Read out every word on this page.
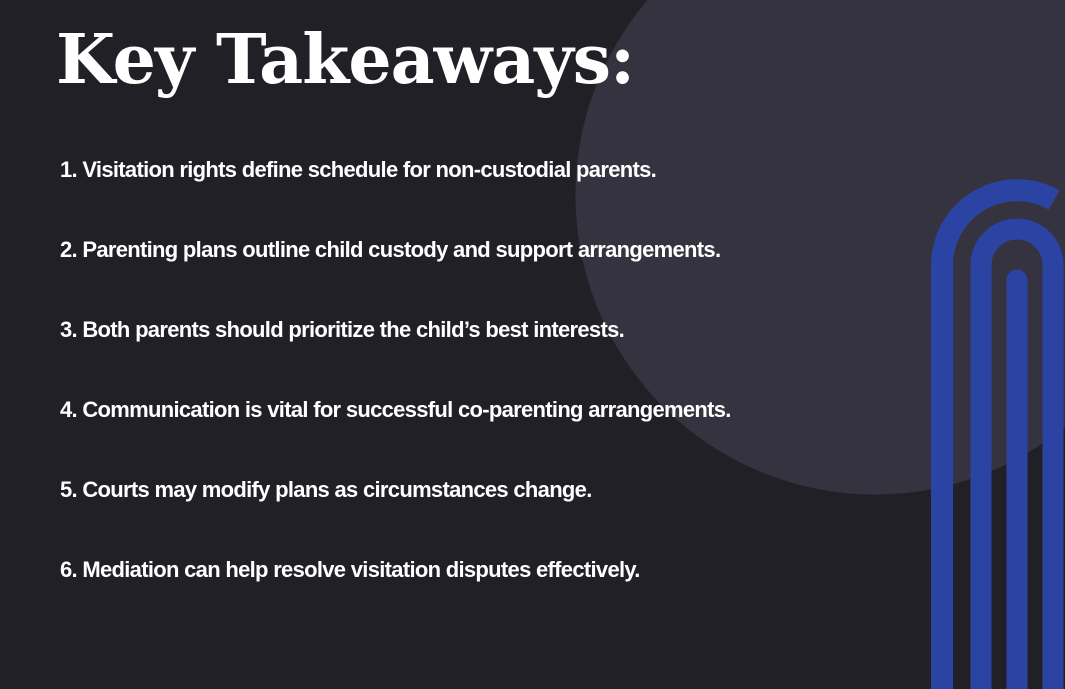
Key Takeaways:
1. Visitation rights define schedule for non-custodial parents.
2. Parenting plans outline child custody and support arrangements.
3. Both parents should prioritize the child’s best interests.
4. Communication is vital for successful co-parenting arrangements.
5. Courts may modify plans as circumstances change.
6. Mediation can help resolve visitation disputes effectively.
